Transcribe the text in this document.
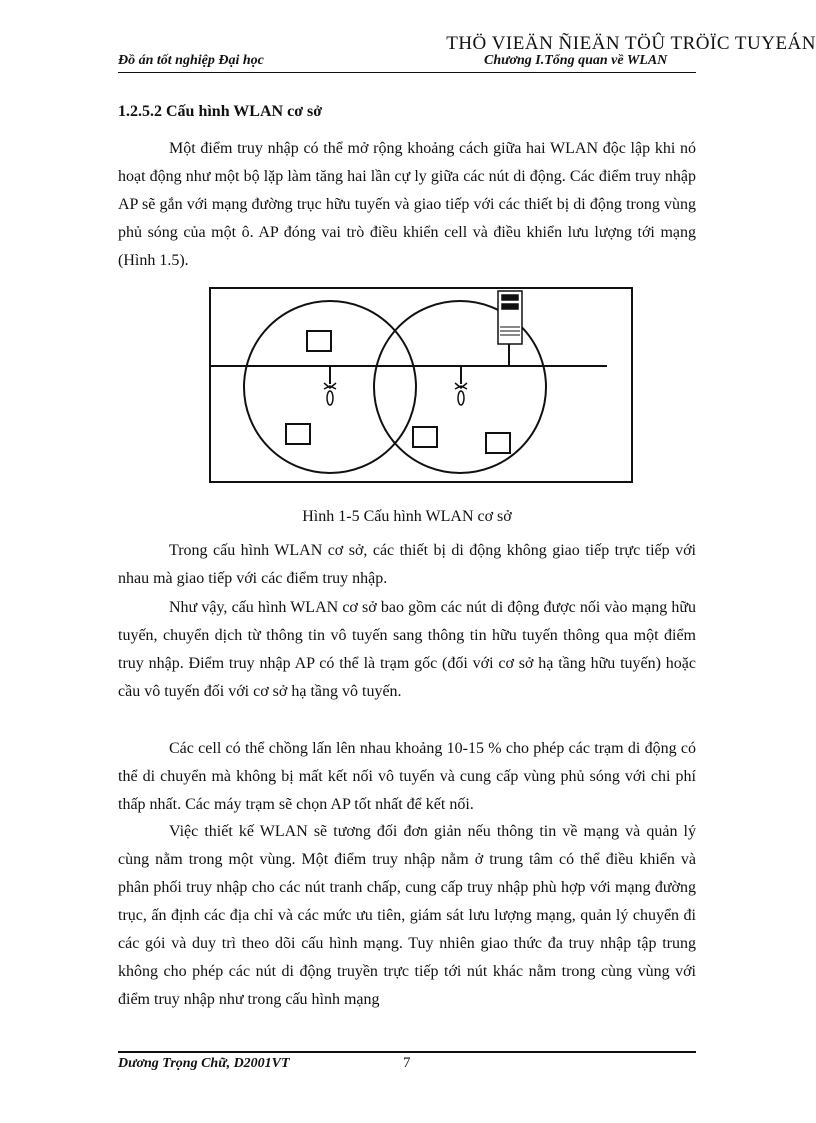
THÖ VIEÄN ÑIEÄN TÖÛ TRÖÏC TUYEÁN
Đồ án tốt nghiệp Đại học	Chương I.Tổng quan về WLAN
1.2.5.2 Cấu hình WLAN cơ sở

Một điểm truy nhập có thể mở rộng khoảng cách giữa hai WLAN độc lập khi nó hoạt động như một bộ lặp làm tăng hai lần cự ly giữa các nút di động. Các điểm truy nhập AP sẽ gắn với mạng đường trục hữu tuyến và giao tiếp với các thiết bị di động trong vùng phủ sóng của một ô. AP đóng vai trò điều khiển cell và điều khiển lưu lượng tới mạng (Hình 1.5).

Hình 1-5 Cấu hình WLAN cơ sở

Trong cấu hình WLAN cơ sở, các thiết bị di động không giao tiếp trực tiếp với nhau mà giao tiếp với các điểm truy nhập.

Như vậy, cấu hình WLAN cơ sở bao gồm các nút di động được nối vào mạng hữu tuyến, chuyển dịch từ thông tin vô tuyến sang thông tin hữu tuyến thông qua một điểm truy nhập. Điểm truy nhập AP có thể là trạm gốc (đối với cơ sở hạ tầng hữu tuyến) hoặc cầu vô tuyến đối với cơ sở hạ tầng vô tuyến.

Các cell có thể chồng lấn lên nhau khoảng 10-15 % cho phép các trạm di động có thể di chuyển mà không bị mất kết nối vô tuyến và cung cấp vùng phủ sóng với chi phí thấp nhất. Các máy trạm sẽ chọn AP tốt nhất để kết nối.

Việc thiết kế WLAN sẽ tương đối đơn giản nếu thông tin về mạng và quản lý cùng nằm trong một vùng. Một điểm truy nhập nằm ở trung tâm có thể điều khiển và phân phối truy nhập cho các nút tranh chấp, cung cấp truy nhập phù hợp với mạng đường trục, ấn định các địa chỉ và các mức ưu tiên, giám sát lưu lượng mạng, quản lý chuyển đi các gói và duy trì theo dõi cấu hình mạng. Tuy nhiên giao thức đa truy nhập tập trung không cho phép các nút di động truyền trực tiếp tới nút khác nằm trong cùng vùng với điểm truy nhập như trong cấu hình mạng

Dương Trọng Chữ, D2001VT	7
